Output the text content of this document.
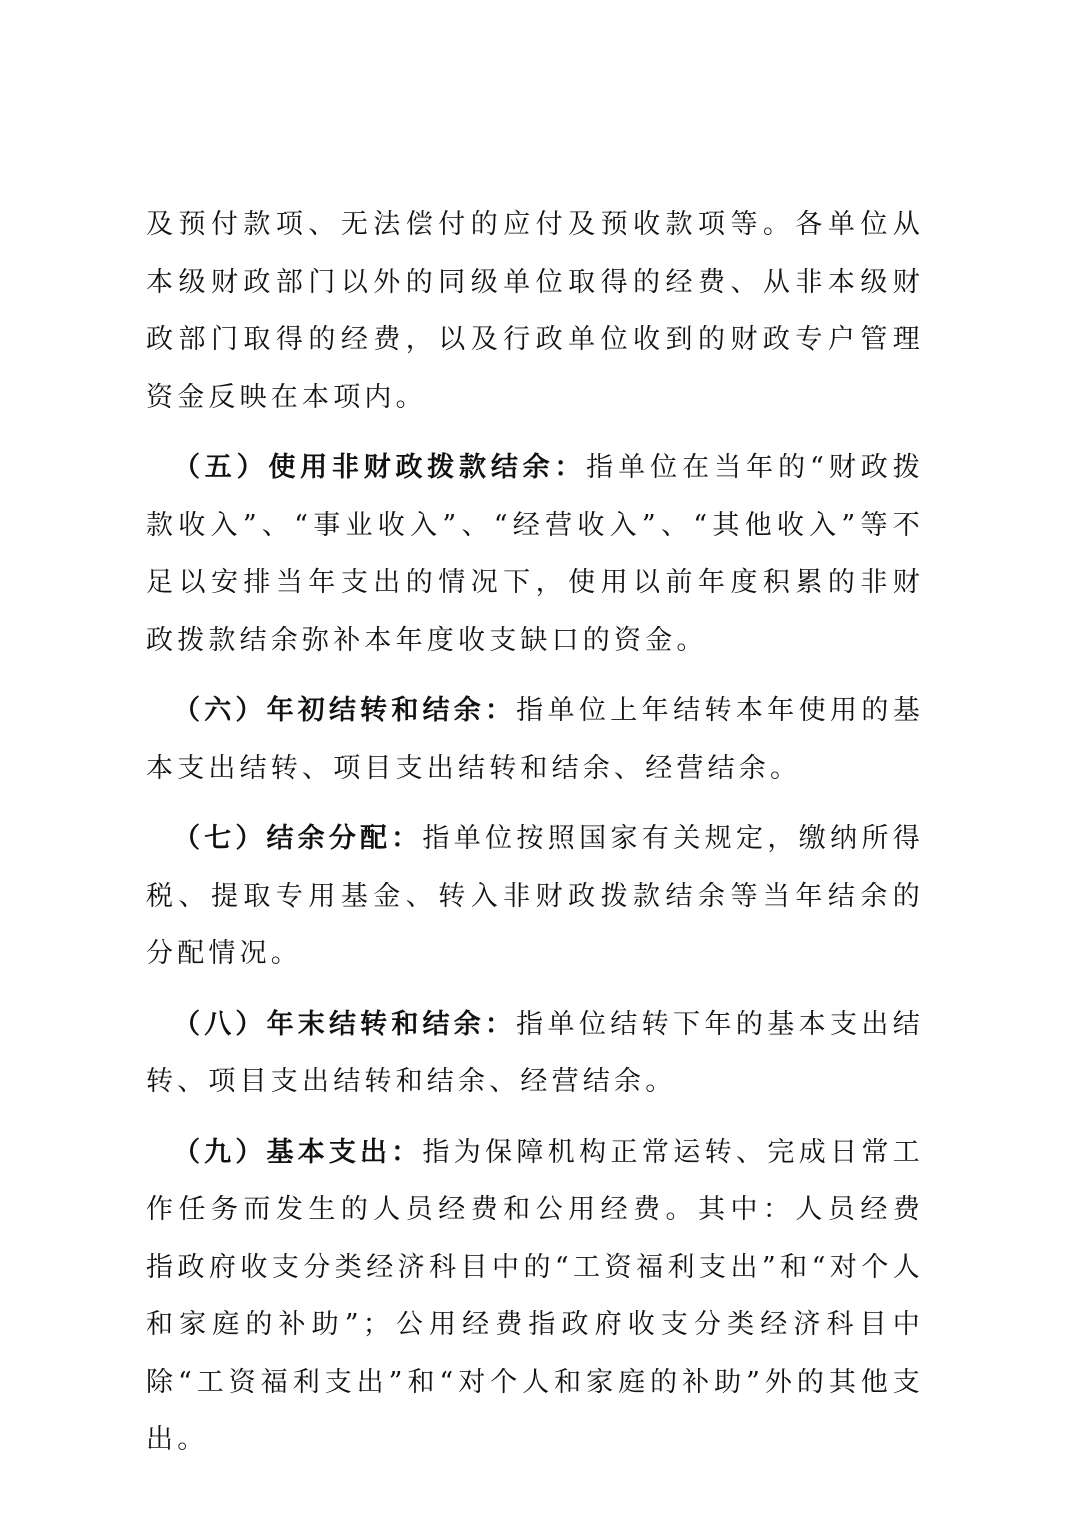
及预付款项、无法偿付的应付及预收款项等。各单位从本级财政部门以外的同级单位取得的经费、从非本级财政部门取得的经费，以及行政单位收到的财政专户管理资金反映在本项内。

（五）使用非财政拨款结余：指单位在当年的“财政拨款收入”、“事业收入”、“经营收入”、“其他收入”等不足以安排当年支出的情况下，使用以前年度积累的非财政拨款结余弥补本年度收支缺口的资金。

（六）年初结转和结余：指单位上年结转本年使用的基本支出结转、项目支出结转和结余、经营结余。

（七）结余分配：指单位按照国家有关规定，缴纳所得税、提取专用基金、转入非财政拨款结余等当年结余的分配情况。

（八）年末结转和结余：指单位结转下年的基本支出结转、项目支出结转和结余、经营结余。

（九）基本支出：指为保障机构正常运转、完成日常工作任务而发生的人员经费和公用经费。其中：人员经费指政府收支分类经济科目中的“工资福利支出”和“对个人和家庭的补助”；公用经费指政府收支分类经济科目中除“工资福利支出”和“对个人和家庭的补助”外的其他支出。
